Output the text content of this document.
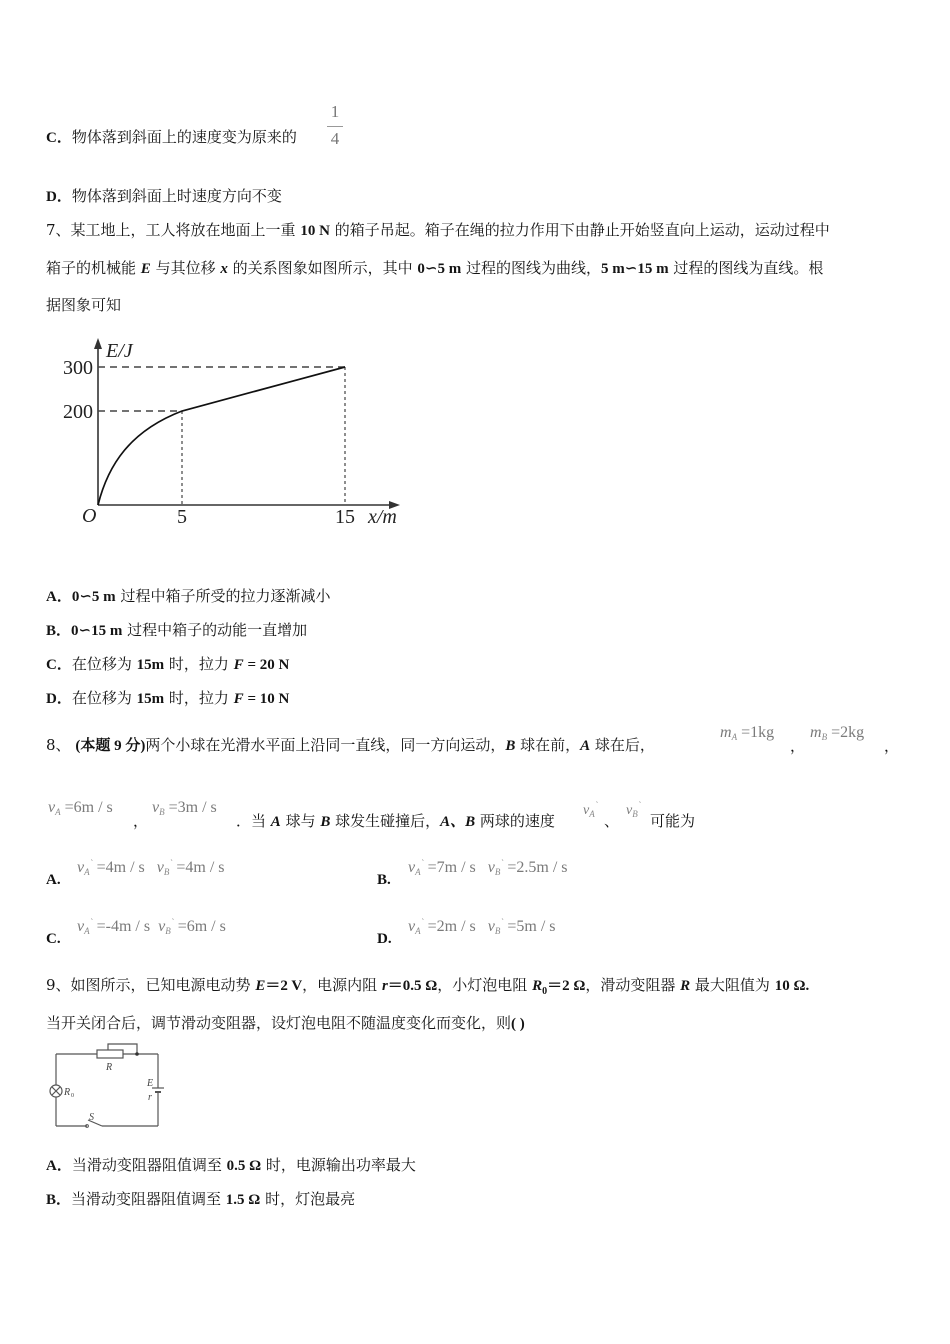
C．物体落到斜面上的速度变为原来的
1
4
D．物体落到斜面上时速度方向不变
7、某工地上，工人将放在地面上一重 10 N 的箱子吊起。箱子在绳的拉力作用下由静止开始竖直向上运动，运动过程中
箱子的机械能 E 与其位移 x 的关系图象如图所示，其中 0∽5 m 过程的图线为曲线，5 m∽15 m 过程的图线为直线。根
据图象可知
E/J
300
200
O	5	15 x/m
A．0∽5 m 过程中箱子所受的拉力逐渐减小
B．0∽15 m 过程中箱子的动能一直增加
C．在位移为 15m 时，拉力 F = 20 N
D．在位移为 15m 时，拉力 F = 10 N
8、 (本题 9 分)两个小球在光滑水平面上沿同一直线，同一方向运动，B 球在前，A 球在后，
$m_A =1kg$
，
$m_B =2kg$
，
$v_A =6m / s$
，
$v_B =3m / s$
．当 A 球与 B 球发生碰撞后，A、B 两球的速度
$v_A^`$
、
$v_B^`$
可能为
A.
$v_A^` =4m / s$ $v_B^` =4m / s$
B.
$v_A^` =7m / s$ $v_B^` =2.5m / s$
C.
$v_A^` =-4m / s$ $v_B^` =6m / s$
D.
$v_A^` =2m / s$ $v_B^` =5m / s$
9、如图所示，已知电源电动势 E＝2 V，电源内阻 r＝0.5 Ω，小灯泡电阻 $R_0=2$ Ω，滑动变阻器 R 最大阻值为 10 Ω.
当开关闭合后，调节滑动变阻器，设灯泡电阻不随温度变化而变化，则( )
R
R 0
E
r
S
A．当滑动变阻器阻值调至 0.5 Ω 时，电源输出功率最大
B．当滑动变阻器阻值调至 1.5 Ω 时，灯泡最亮
